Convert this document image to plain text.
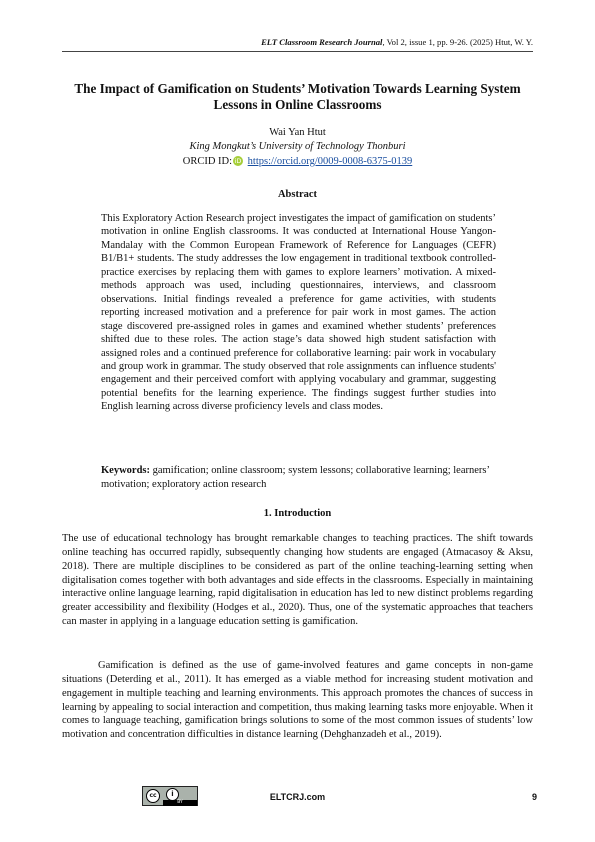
ELT Classroom Research Journal, Vol 2, issue 1, pp. 9-26. (2025) Htut, W. Y.
The Impact of Gamification on Students’ Motivation Towards Learning System Lessons in Online Classrooms
Wai Yan Htut
King Mongkut’s University of Technology Thonburi
ORCID ID: iD https://orcid.org/0009-0008-6375-0139
Abstract

This Exploratory Action Research project investigates the impact of gamification on students’ motivation in online English classrooms. It was conducted at International House Yangon-Mandalay with the Common European Framework of Reference for Languages (CEFR) B1/B1+ students. The study addresses the low engagement in traditional textbook controlled-practice exercises by replacing them with games to explore learners’ motivation. A mixed-methods approach was used, including questionnaires, interviews, and classroom observations. Initial findings revealed a preference for game activities, with students reporting increased motivation and a preference for pair work in most games. The action stage discovered pre-assigned roles in games and examined whether students’ preferences shifted due to these roles. The action stage’s data showed high student satisfaction with assigned roles and a continued preference for collaborative learning: pair work in vocabulary and group work in grammar. The study observed that role assignments can influence students' engagement and their perceived comfort with applying vocabulary and grammar, suggesting potential benefits for the learning experience. The findings suggest further studies into English learning across diverse proficiency levels and class modes.

Keywords: gamification; online classroom; system lessons; collaborative learning; learners’ motivation; exploratory action research

1. Introduction

The use of educational technology has brought remarkable changes to teaching practices. The shift towards online teaching has occurred rapidly, subsequently changing how students are engaged (Atmacasoy & Aksu, 2018). There are multiple disciplines to be considered as part of the online teaching-learning setting when digitalisation comes together with both advantages and side effects in the classrooms. Especially in maintaining interactive online language learning, rapid digitalisation in education has led to new distinct problems regarding greater accessibility and flexibility (Hodges et al., 2020). Thus, one of the systematic approaches that teachers can master in applying in a language education setting is gamification.

Gamification is defined as the use of game-involved features and game concepts in non-game situations (Deterding et al., 2011). It has emerged as a viable method for increasing student motivation and engagement in multiple teaching and learning environments. This approach promotes the chances of success in learning by appealing to social interaction and competition, thus making learning tasks more enjoyable. When it comes to language teaching, gamification brings solutions to some of the most common issues of students’ low motivation and concentration difficulties in distance learning (Dehghanzadeh et al., 2019).

cc	i
BY
ELTCRJ.com	9
